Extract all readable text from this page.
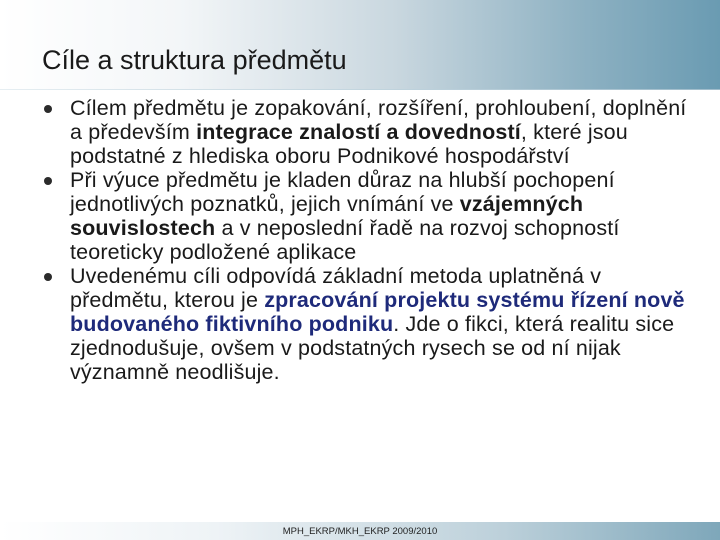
Cíle a struktura předmětu
Cílem předmětu je zopakování, rozšíření, prohloubení, doplnění a především integrace znalostí a dovedností, které jsou podstatné z hlediska oboru Podnikové hospodářství
Při výuce předmětu je kladen důraz na hlubší pochopení jednotlivých poznatků, jejich vnímání ve vzájemných souvislostech a v neposlední řadě na rozvoj schopností teoreticky podložené aplikace
Uvedenému cíli odpovídá základní metoda uplatněná v předmětu, kterou je zpracování projektu systému řízení nově budovaného fiktivního podniku. Jde o fikci, která realitu sice zjednodušuje, ovšem v podstatných rysech se od ní nijak významně neodlišuje.
MPH_EKRP/MKH_EKRP 2009/2010
